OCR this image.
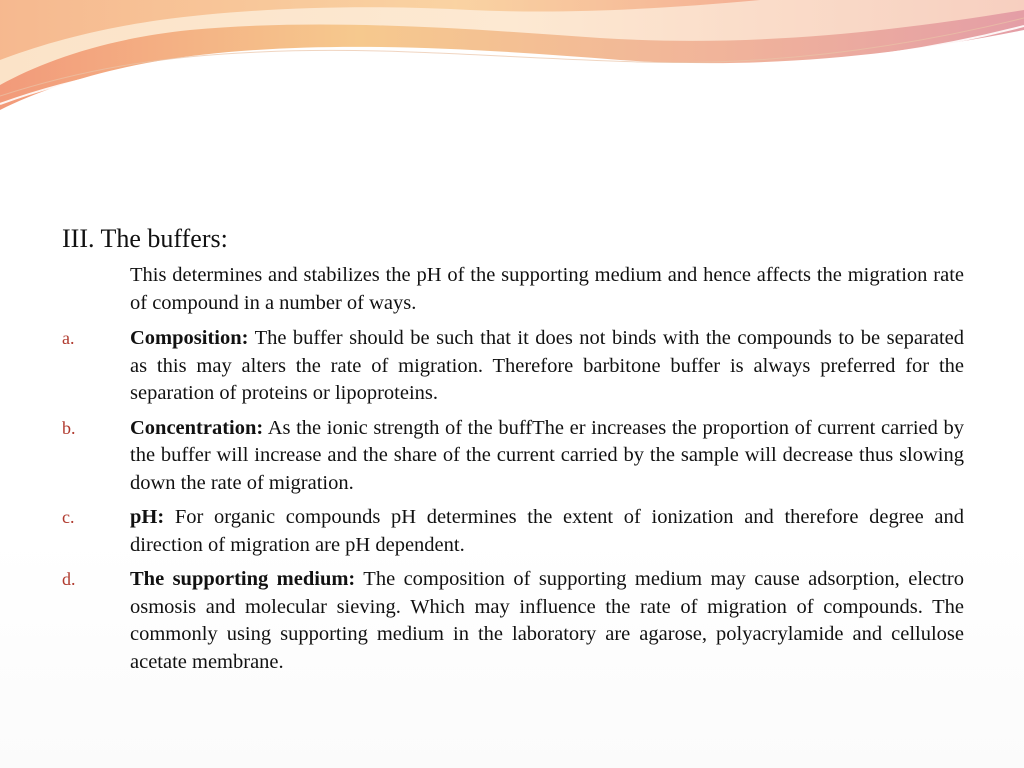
III. The buffers:

This determines and stabilizes the pH of the supporting medium and hence affects the migration rate of compound in a number of ways.

a.	Composition: The buffer should be such that it does not binds with the compounds to be separated as this may alters the rate of migration. Therefore barbitone buffer is always preferred for the separation of proteins or lipoproteins.
b.	Concentration: As the ionic strength of the buffThe er increases the proportion of current carried by the buffer will increase and the share of the current carried by the sample will decrease thus slowing down the rate of migration.
c.	pH: For organic compounds pH determines the extent of ionization and therefore degree and direction of migration are pH dependent.
d.	The supporting medium: The composition of supporting medium may cause adsorption, electro osmosis and molecular sieving. Which may influence the rate of migration of compounds. The commonly using supporting medium in the laboratory are agarose, polyacrylamide and cellulose acetate membrane.
